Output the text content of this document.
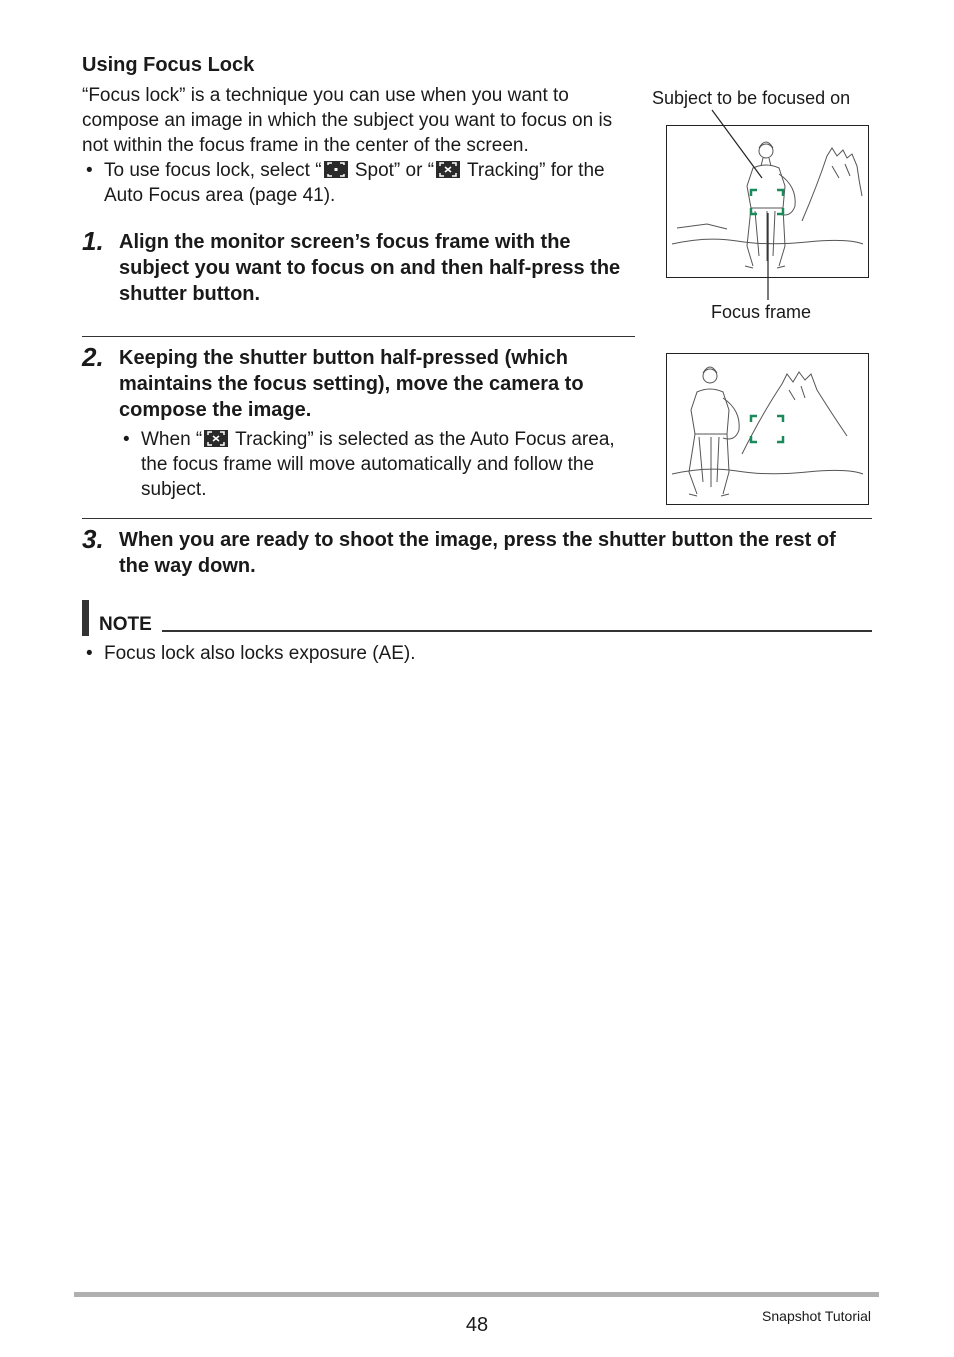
Using Focus Lock
“Focus lock” is a technique you can use when you want to compose an image in which the subject you want to focus on is not within the focus frame in the center of the screen.
• To use focus lock, select “
Spot” or “
Tracking” for the Auto Focus area (page 41).
1. Align the monitor screen’s focus frame with the subject you want to focus on and then half-press the shutter button.
2. Keeping the shutter button half-pressed (which maintains the focus setting), move the camera to compose the image.
• When “
Tracking” is selected as the Auto Focus area, the focus frame will move automatically and follow the subject.
3. When you are ready to shoot the image, press the shutter button the rest of the way down.
Subject to be focused on
Focus frame
NOTE
• Focus lock also locks exposure (AE).
48	Snapshot Tutorial
